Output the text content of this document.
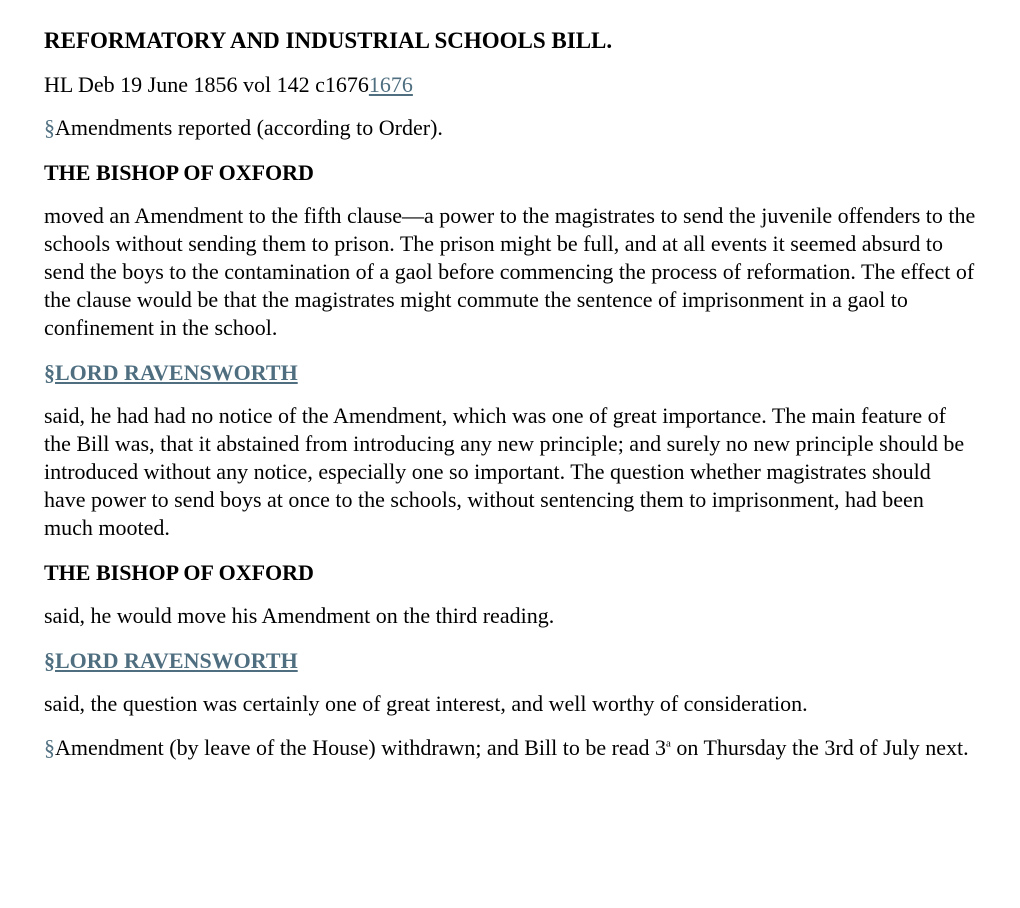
REFORMATORY AND INDUSTRIAL SCHOOLS BILL.
HL Deb 19 June 1856 vol 142 c16761676
§Amendments reported (according to Order).
THE BISHOP OF OXFORD
moved an Amendment to the fifth clause—a power to the magistrates to send the juvenile offenders to the schools without sending them to prison. The prison might be full, and at all events it seemed absurd to send the boys to the contamination of a gaol before commencing the process of reformation. The effect of the clause would be that the magistrates might commute the sentence of imprisonment in a gaol to confinement in the school.
§LORD RAVENSWORTH
said, he had had no notice of the Amendment, which was one of great importance. The main feature of the Bill was, that it abstained from introducing any new principle; and surely no new principle should be introduced without any notice, especially one so important. The question whether magistrates should have power to send boys at once to the schools, without sentencing them to imprisonment, had been much mooted.
THE BISHOP OF OXFORD
said, he would move his Amendment on the third reading.
§LORD RAVENSWORTH
said, the question was certainly one of great interest, and well worthy of consideration.
§Amendment (by leave of the House) withdrawn; and Bill to be read 3$^a$ on Thursday the 3rd of July next.
